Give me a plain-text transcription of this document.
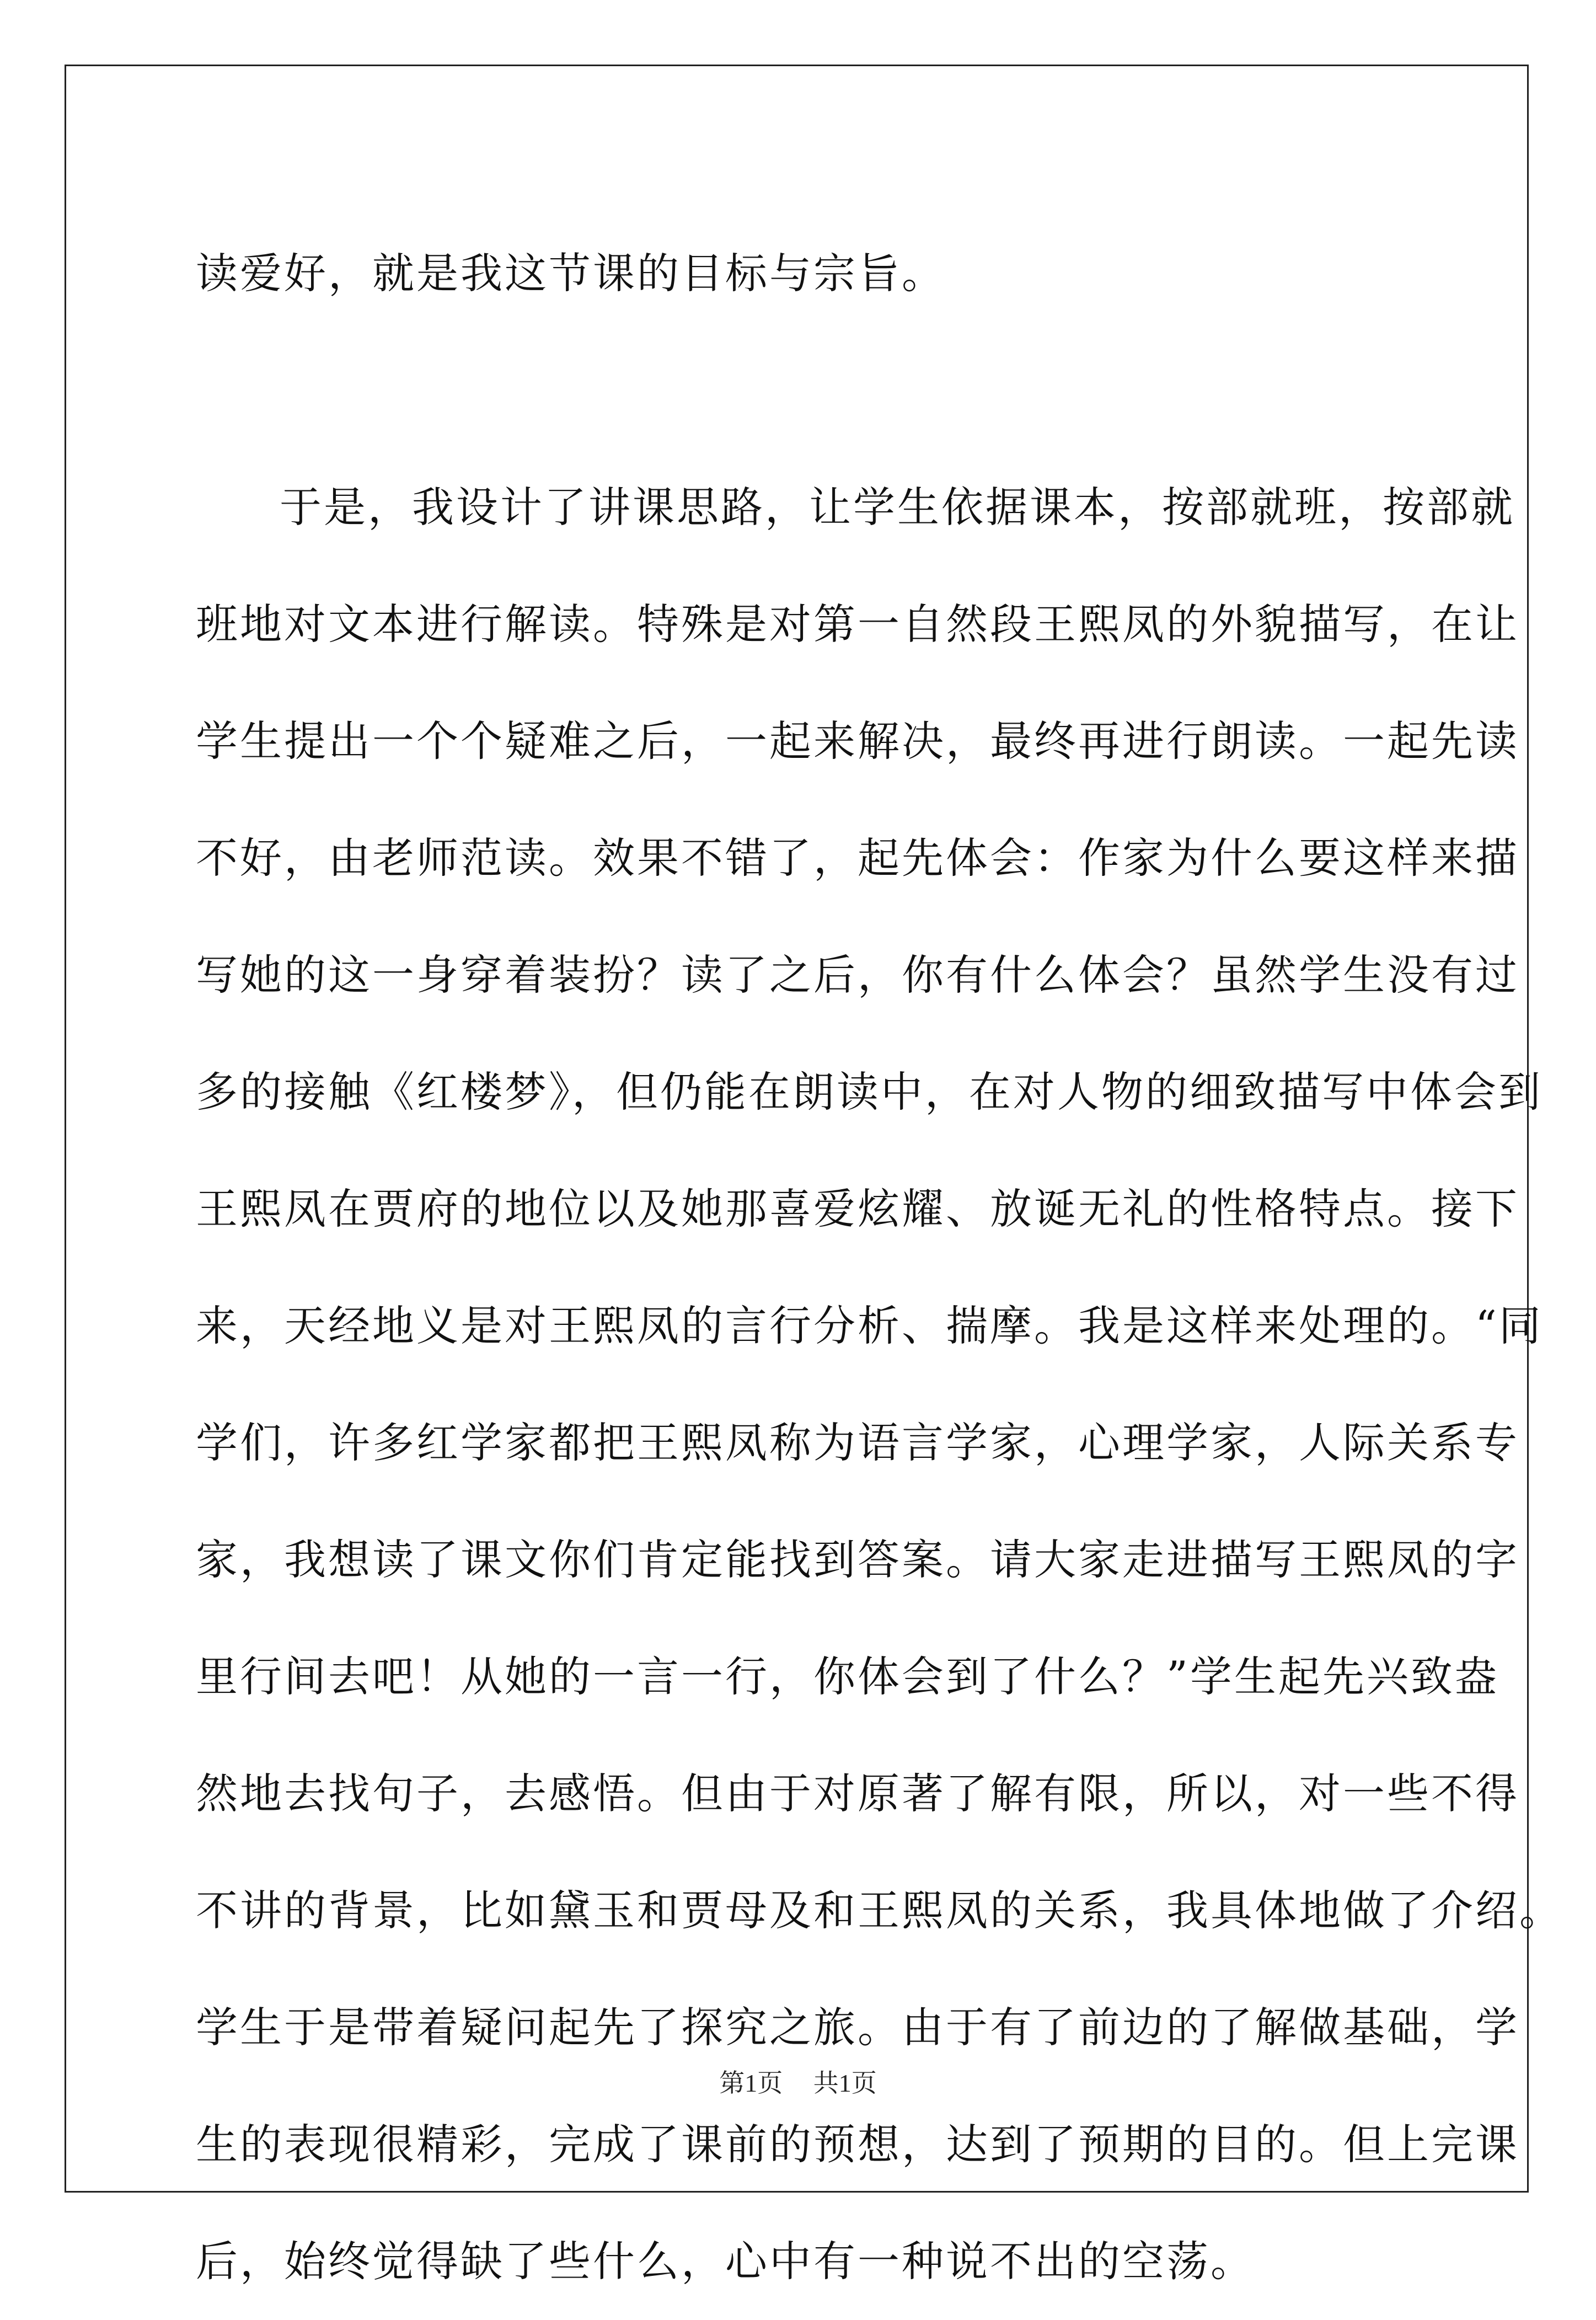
读爱好，就是我这节课的目标与宗旨。
于是，我设计了讲课思路，让学生依据课本，按部就班，按部就
班地对文本进行解读。特殊是对第一自然段王熙凤的外貌描写，在让
学生提出一个个疑难之后，一起来解决，最终再进行朗读。一起先读
不好，由老师范读。效果不错了，起先体会：作家为什么要这样来描
写她的这一身穿着装扮？读了之后，你有什么体会？虽然学生没有过
多的接触《红楼梦》，但仍能在朗读中，在对人物的细致描写中体会到
王熙凤在贾府的地位以及她那喜爱炫耀、放诞无礼的性格特点。接下
来，天经地义是对王熙凤的言行分析、揣摩。我是这样来处理的。“同
学们，许多红学家都把王熙凤称为语言学家，心理学家，人际关系专
家，我想读了课文你们肯定能找到答案。请大家走进描写王熙凤的字
里行间去吧！从她的一言一行，你体会到了什么？”学生起先兴致盎
然地去找句子，去感悟。但由于对原著了解有限，所以，对一些不得
不讲的背景，比如黛玉和贾母及和王熙凤的关系，我具体地做了介绍。
学生于是带着疑问起先了探究之旅。由于有了前边的了解做基础，学
生的表现很精彩，完成了课前的预想，达到了预期的目的。但上完课
后，始终觉得缺了些什么，心中有一种说不出的空荡。
第1页 共1页
